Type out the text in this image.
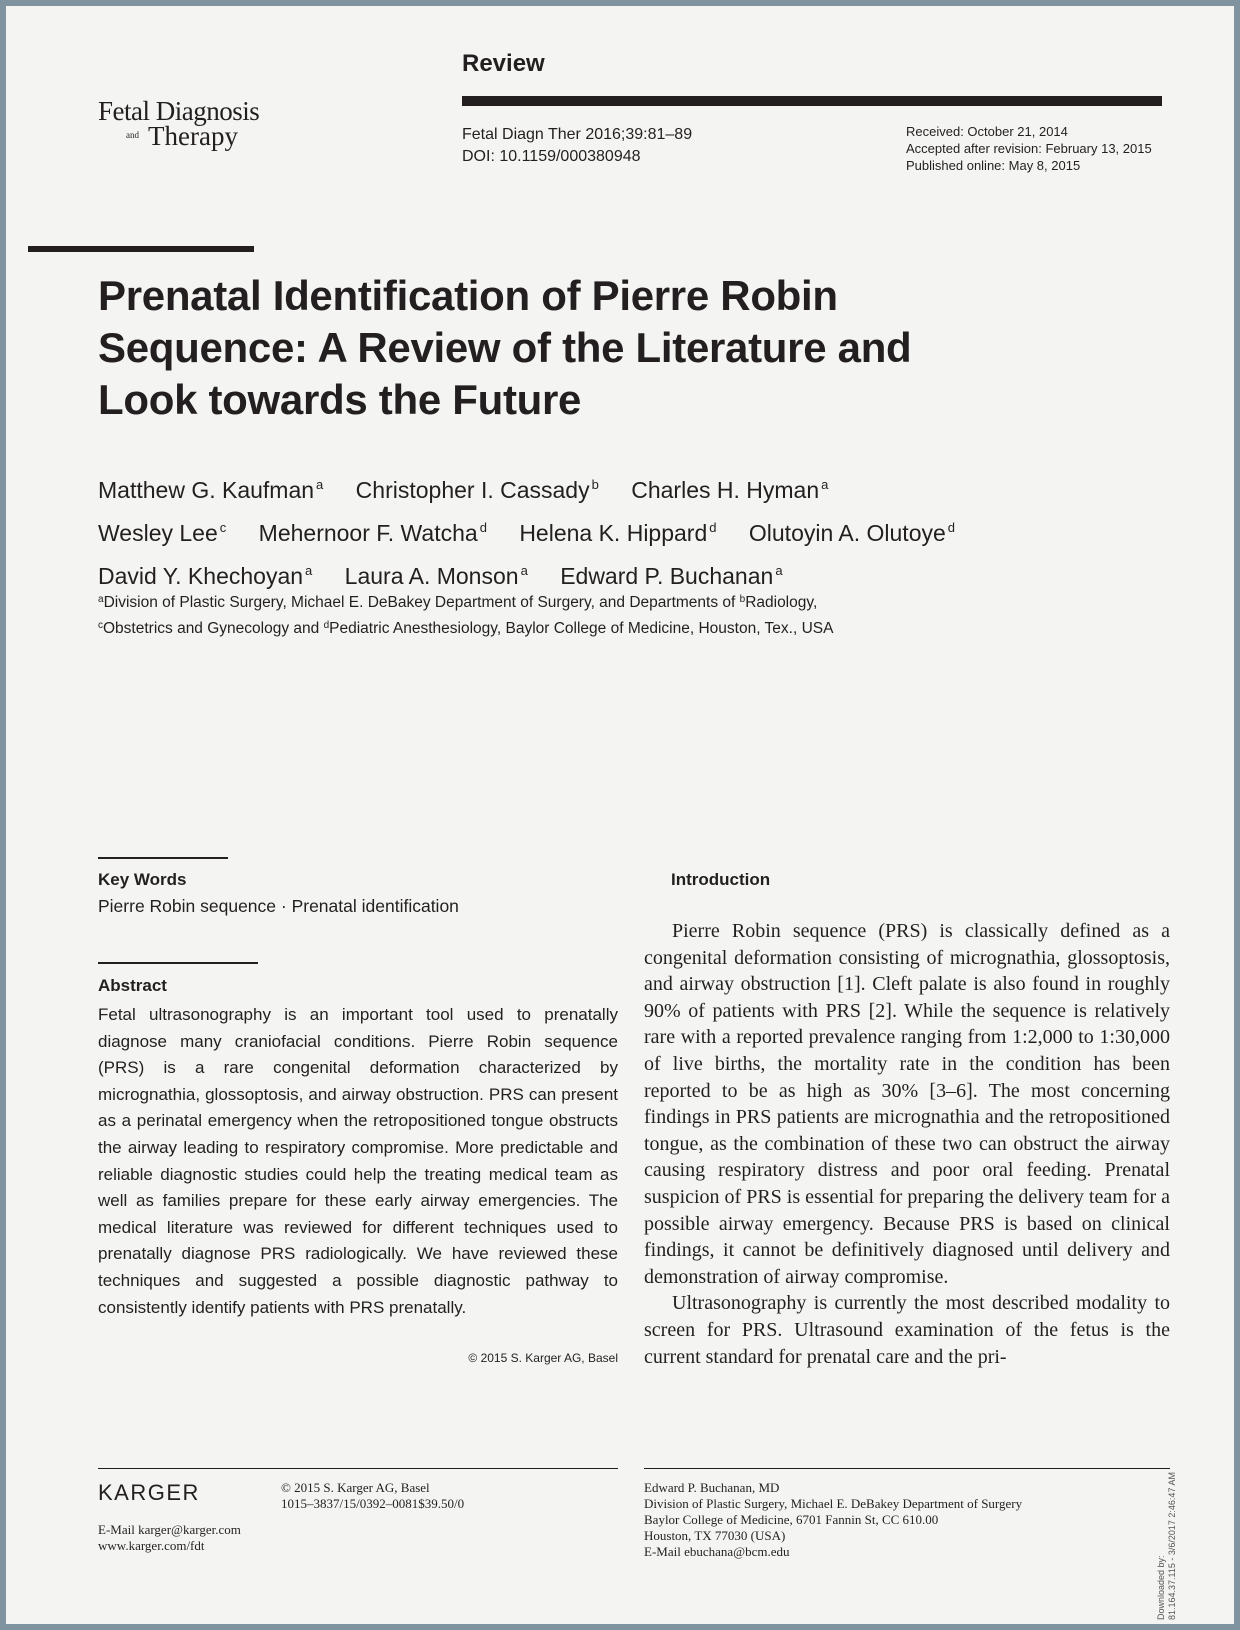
Review
Fetal Diagnosis
and Therapy	Fetal Diagn Ther 2016;39:81–89
DOI: 10.1159/000380948
Received: October 21, 2014
Accepted after revision: February 13, 2015
Published online: May 8, 2015
Prenatal Identification of Pierre Robin
Sequence: A Review of the Literature and
Look towards the Future
Matthew G. Kaufman $^a$ Christopher I. Cassady $^b$ Charles H. Hyman $^a$
Wesley Lee $^c$ Mehernoor F. Watcha $^d$ Helena K. Hippard $^d$ Olutoyin A. Olutoye $^d$
David Y. Khechoyan $^a$ Laura A. Monson $^a$ Edward P. Buchanan $^a$
$^a$Division of Plastic Surgery, Michael E. DeBakey Department of Surgery, and Departments of $^b$Radiology,
$^c$Obstetrics and Gynecology and $^d$Pediatric Anesthesiology, Baylor College of Medicine, Houston, Tex., USA
Key Words
Pierre Robin sequence · Prenatal identification
Abstract

Fetal ultrasonography is an important tool used to prenatally diagnose many craniofacial conditions. Pierre Robin sequence (PRS) is a rare congenital deformation characterized by micrognathia, glossoptosis, and airway obstruction. PRS can present as a perinatal emergency when the retropositioned tongue obstructs the airway leading to respiratory compromise. More predictable and reliable diagnostic studies could help the treating medical team as well as families prepare for these early airway emergencies. The medical literature was reviewed for different techniques used to prenatally diagnose PRS radiologically. We have reviewed these techniques and suggested a possible diagnostic pathway to consistently identify patients with PRS prenatally.

© 2015 S. Karger AG, Basel
Introduction

Pierre Robin sequence (PRS) is classically defined as a congenital deformation consisting of micrognathia, glossoptosis, and airway obstruction [1]. Cleft palate is also found in roughly 90% of patients with PRS [2]. While the sequence is relatively rare with a reported prevalence ranging from 1:2,000 to 1:30,000 of live births, the mortality rate in the condition has been reported to be as high as 30% [3–6]. The most concerning findings in PRS patients are micrognathia and the retropositioned tongue, as the combination of these two can obstruct the airway causing respiratory distress and poor oral feeding. Prenatal suspicion of PRS is essential for preparing the delivery team for a possible airway emergency. Because PRS is based on clinical findings, it cannot be definitively diagnosed until delivery and demonstration of airway compromise.

Ultrasonography is currently the most described modality to screen for PRS. Ultrasound examination of the fetus is the current standard for prenatal care and the pri-

KARGER	© 2015 S. Karger AG, Basel
1015–3837/15/0392–0081$39.50/0
E-Mail karger@karger.com
www.karger.com/fdt
Edward P. Buchanan, MD
Division of Plastic Surgery, Michael E. DeBakey Department of Surgery
Baylor College of Medicine, 6701 Fannin St, CC 610.00
Houston, TX 77030 (USA)
E-Mail ebuchana@bcm.edu
Downloaded by: 81.164.37.115 - 3/6/2017 2:46:47 AM
